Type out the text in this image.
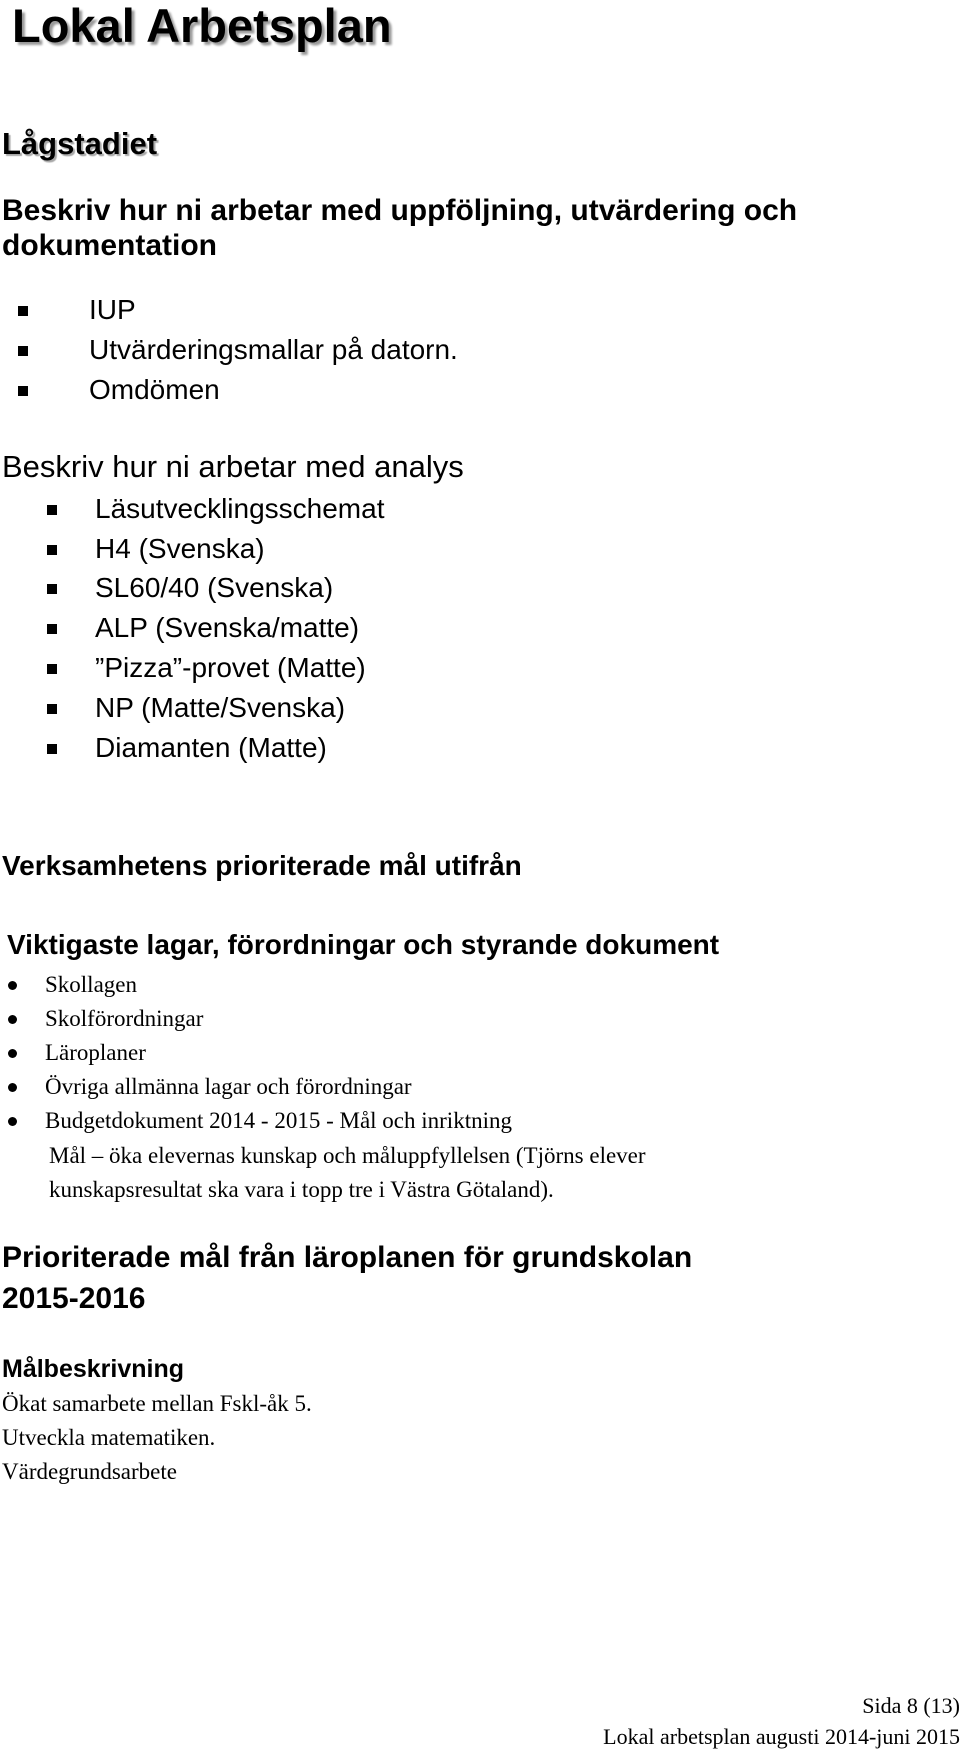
Lokal Arbetsplan
Lågstadiet
Beskriv hur ni arbetar med uppföljning, utvärdering och
dokumentation
IUP
Utvärderingsmallar på datorn.
Omdömen
Beskriv hur ni arbetar med analys
Läsutvecklingsschemat
H4 (Svenska)
SL60/40 (Svenska)
ALP (Svenska/matte)
”Pizza”-provet (Matte)
NP (Matte/Svenska)
Diamanten (Matte)
Verksamhetens prioriterade mål utifrån
Viktigaste lagar, förordningar och styrande dokument
Skollagen
Skolförordningar
Läroplaner
Övriga allmänna lagar och förordningar
Budgetdokument 2014 - 2015 - Mål och inriktning
Mål – öka elevernas kunskap och måluppfyllelsen (Tjörns elever
kunskapsresultat ska vara i topp tre i Västra Götaland).
Prioriterade mål från läroplanen för grundskolan
2015-2016
Målbeskrivning
Ökat samarbete mellan Fskl-åk 5.
Utveckla matematiken.
Värdegrundsarbete
Sida 8 (13)
Lokal arbetsplan augusti 2014-juni 2015
